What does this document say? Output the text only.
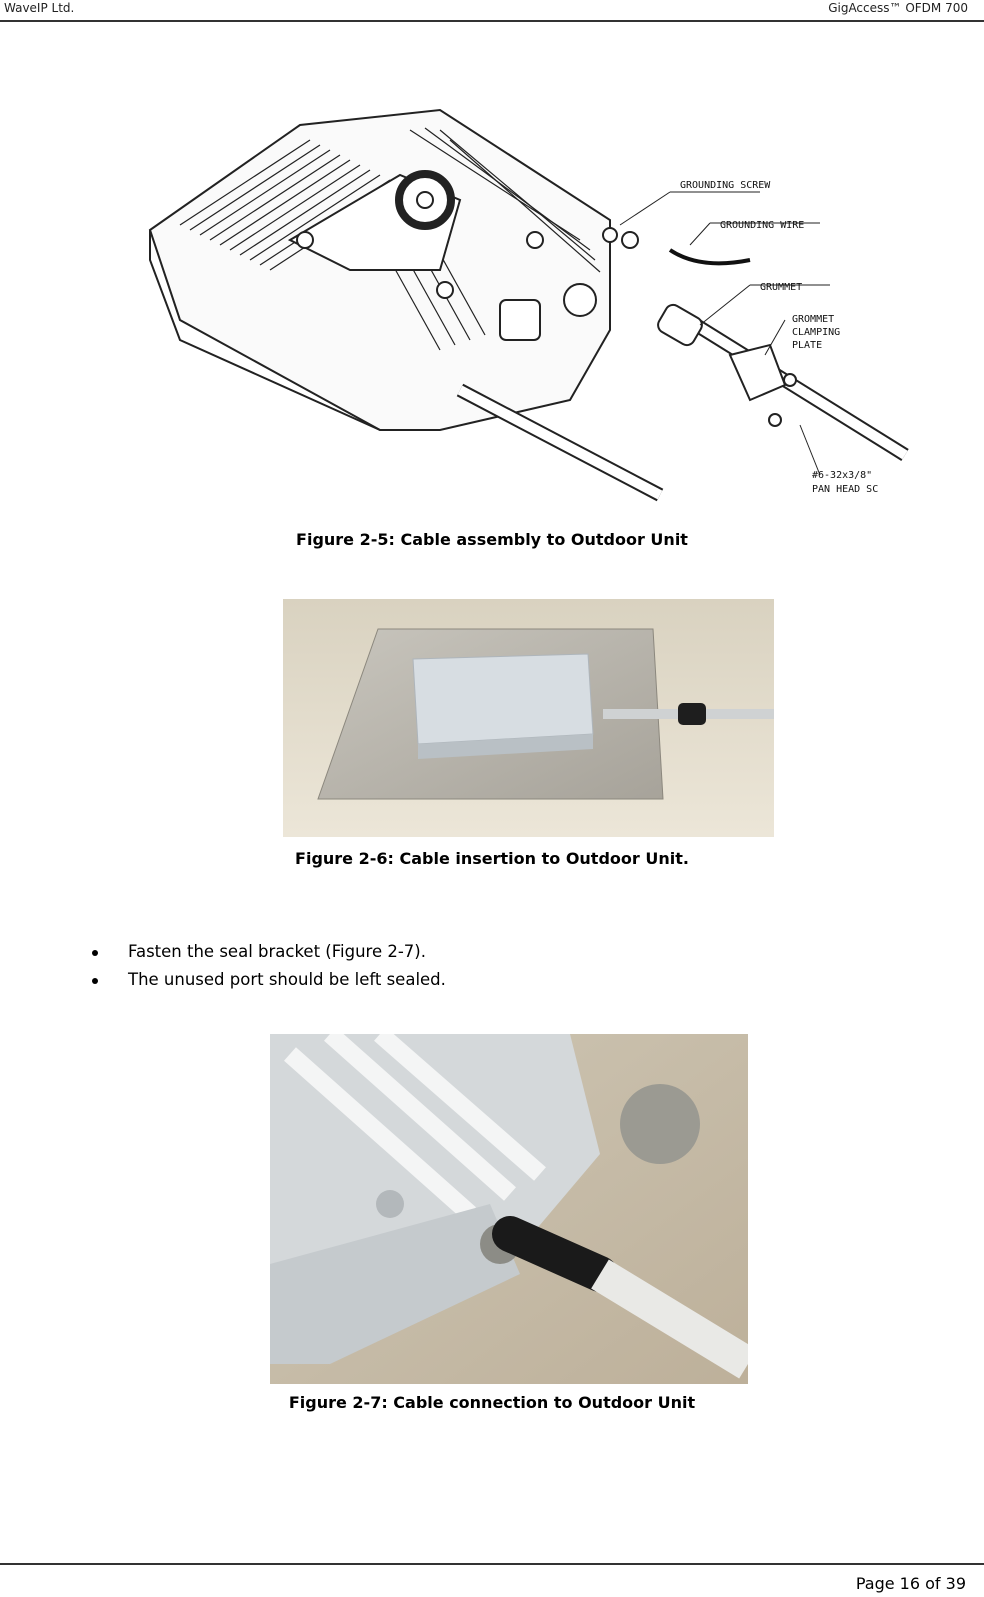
WaveIP Ltd.	GigAccess™ OFDM 700
GROUNDING SCREW
GROUNDING WIRE
GRUMMET
GROMMET
CLAMPING
PLATE
#6-32x3/8"
PAN HEAD SC
Figure 2-5: Cable assembly to Outdoor Unit
Figure 2-6: Cable insertion to Outdoor Unit.
Fasten the seal bracket (Figure 2-7).
The unused port should be left sealed.
Figure 2-7: Cable connection to Outdoor Unit
Page 16 of 39
